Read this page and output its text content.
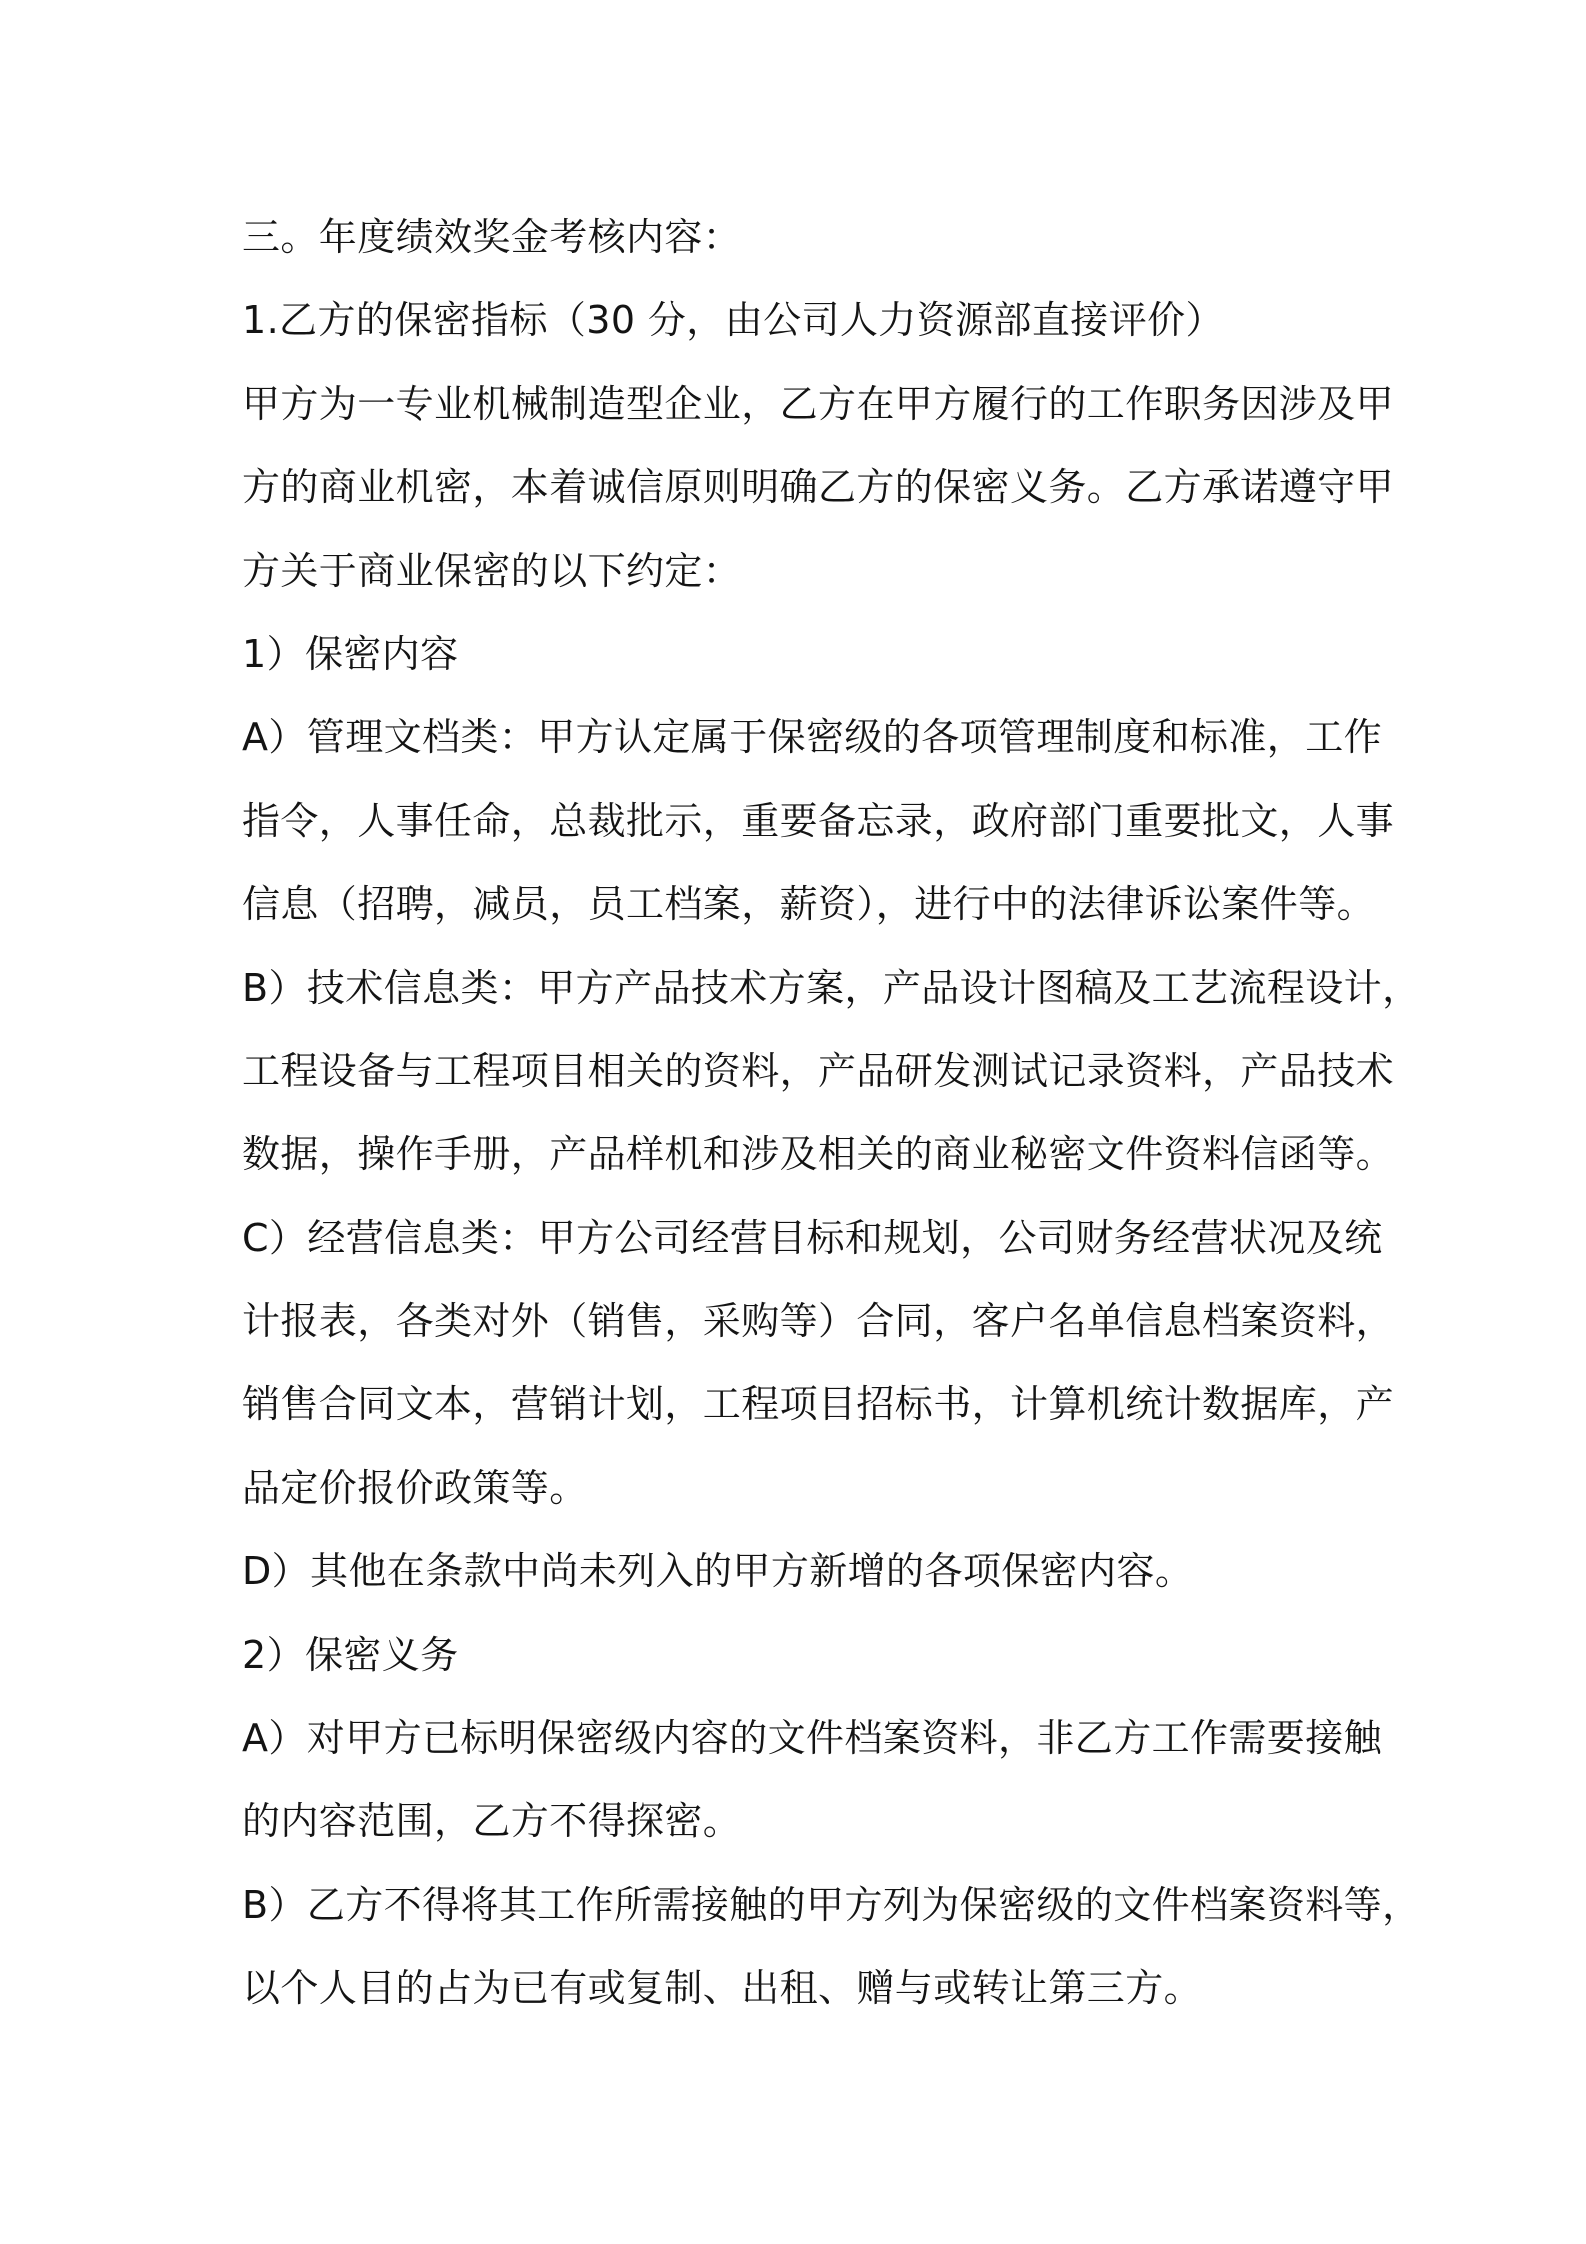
三。年度绩效奖金考核内容：

1.乙方的保密指标（30 分，由公司人力资源部直接评价）

甲方为一专业机械制造型企业，乙方在甲方履行的工作职务因涉及甲
方的商业机密，本着诚信原则明确乙方的保密义务。乙方承诺遵守甲
方关于商业保密的以下约定：

1）保密内容

A）管理文档类：甲方认定属于保密级的各项管理制度和标准，工作
指令，人事任命，总裁批示，重要备忘录，政府部门重要批文，人事
信息（招聘，减员，员工档案，薪资），进行中的法律诉讼案件等。

B）技术信息类：甲方产品技术方案，产品设计图稿及工艺流程设计，
工程设备与工程项目相关的资料，产品研发测试记录资料，产品技术
数据，操作手册，产品样机和涉及相关的商业秘密文件资料信函等。

C）经营信息类：甲方公司经营目标和规划，公司财务经营状况及统
计报表，各类对外（销售，采购等）合同，客户名单信息档案资料，
销售合同文本，营销计划，工程项目招标书，计算机统计数据库，产
品定价报价政策等。

D）其他在条款中尚未列入的甲方新增的各项保密内容。

2）保密义务

A）对甲方已标明保密级内容的文件档案资料，非乙方工作需要接触
的内容范围，乙方不得探密。

B）乙方不得将其工作所需接触的甲方列为保密级的文件档案资料等，
以个人目的占为已有或复制、出租、赠与或转让第三方。
